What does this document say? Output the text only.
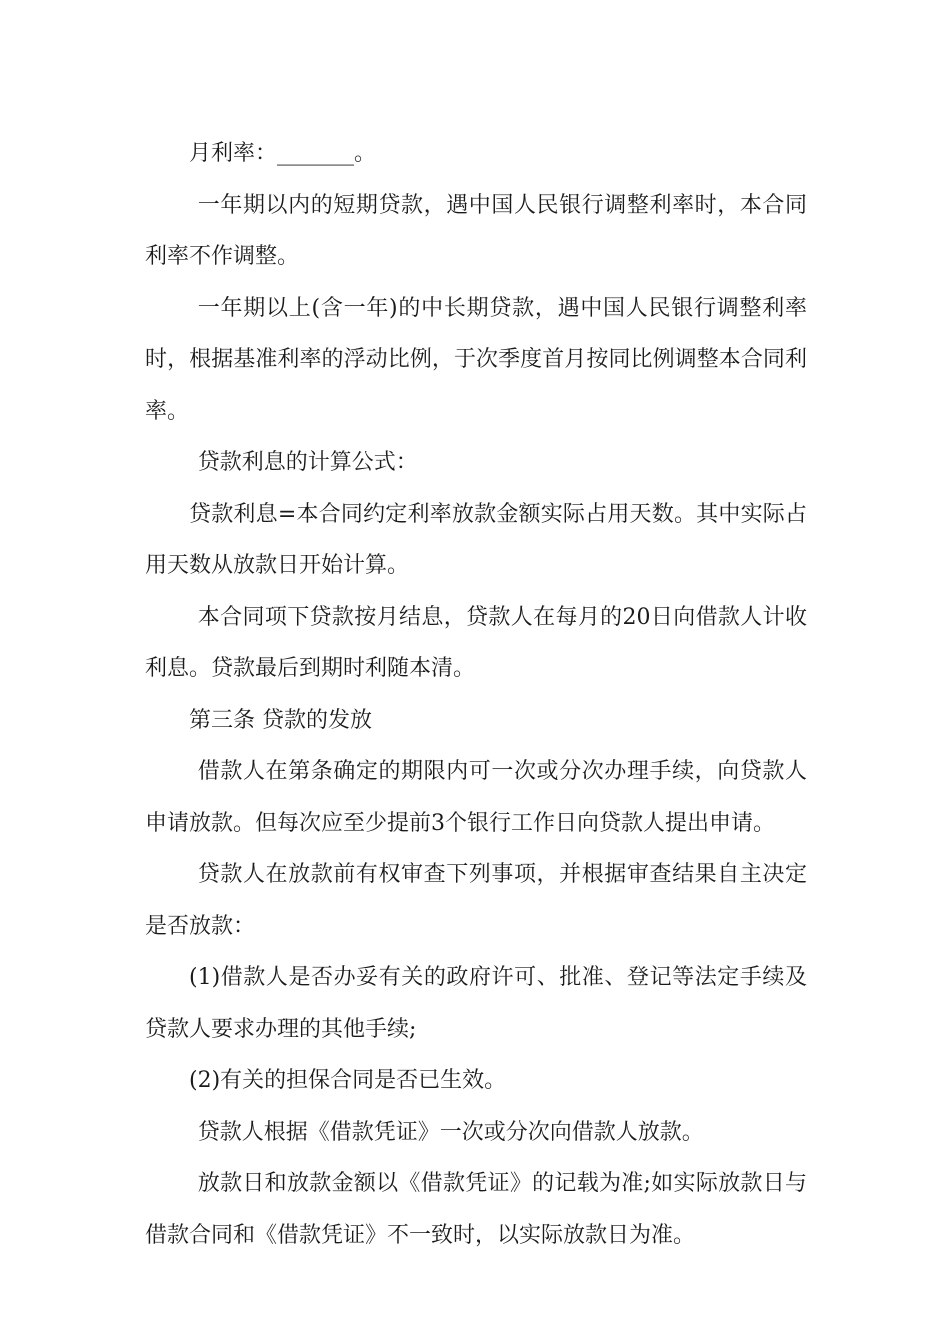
月利率：_______。

一年期以内的短期贷款，遇中国人民银行调整利率时，本合同利率不作调整。

一年期以上(含一年)的中长期贷款，遇中国人民银行调整利率时，根据基准利率的浮动比例，于次季度首月按同比例调整本合同利率。

贷款利息的计算公式：

贷款利息=本合同约定利率放款金额实际占用天数。其中实际占用天数从放款日开始计算。

本合同项下贷款按月结息，贷款人在每月的20日向借款人计收利息。贷款最后到期时利随本清。

第三条 贷款的发放

借款人在第条确定的期限内可一次或分次办理手续，向贷款人申请放款。但每次应至少提前3个银行工作日向贷款人提出申请。

贷款人在放款前有权审查下列事项，并根据审查结果自主决定是否放款：

(1)借款人是否办妥有关的政府许可、批准、登记等法定手续及贷款人要求办理的其他手续;

(2)有关的担保合同是否已生效。

贷款人根据《借款凭证》一次或分次向借款人放款。

放款日和放款金额以《借款凭证》的记载为准;如实际放款日与借款合同和《借款凭证》不一致时，以实际放款日为准。
